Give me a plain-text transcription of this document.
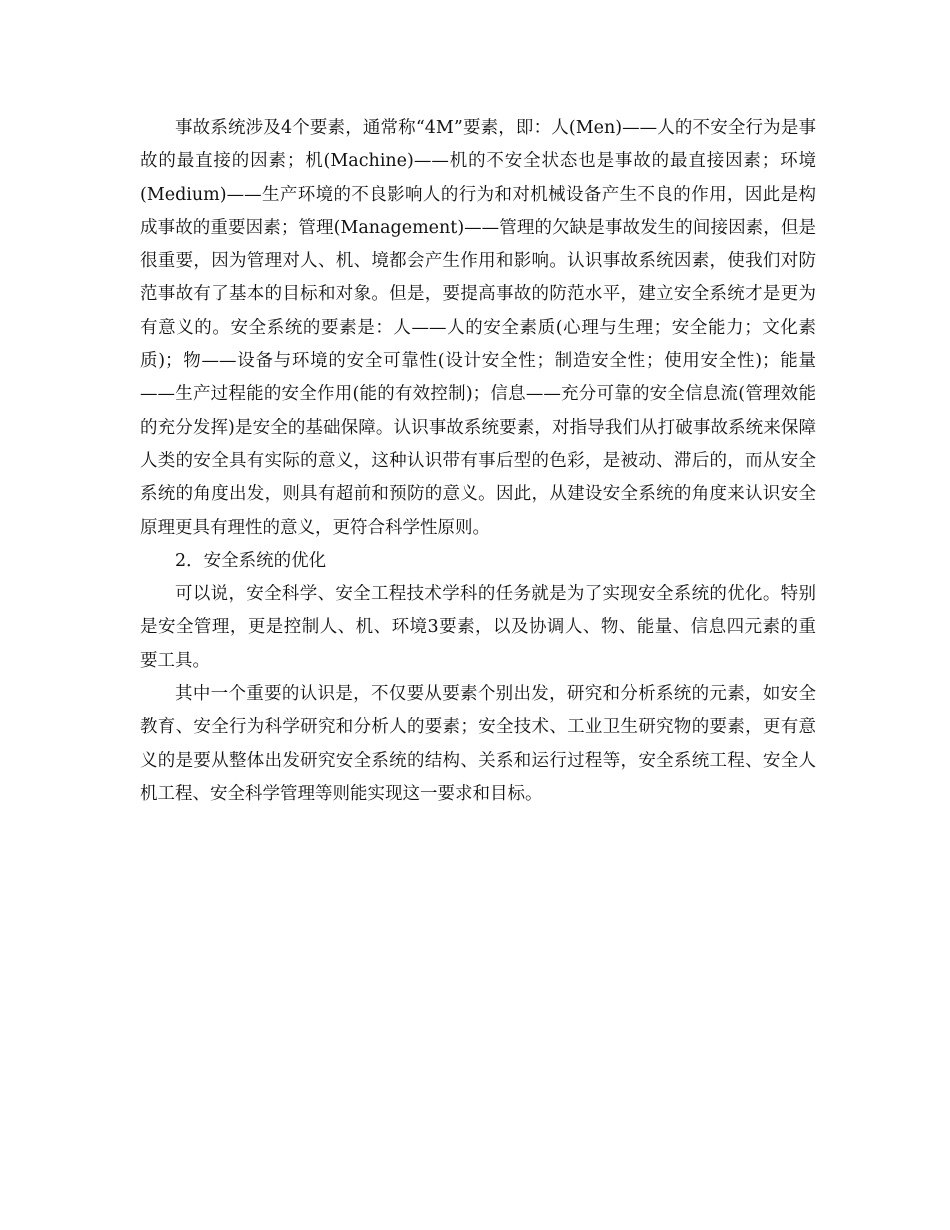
事故系统涉及4个要素，通常称“4M”要素，即：人(Men)——人的不安全行为是事故的最直接的因素；机(Machine)——机的不安全状态也是事故的最直接因素；环境(Medium)——生产环境的不良影响人的行为和对机械设备产生不良的作用，因此是构成事故的重要因素；管理(Management)——管理的欠缺是事故发生的间接因素，但是很重要，因为管理对人、机、境都会产生作用和影响。认识事故系统因素，使我们对防范事故有了基本的目标和对象。但是，要提高事故的防范水平，建立安全系统才是更为有意义的。安全系统的要素是：人——人的安全素质(心理与生理；安全能力；文化素质)；物——设备与环境的安全可靠性(设计安全性；制造安全性；使用安全性)；能量——生产过程能的安全作用(能的有效控制)；信息——充分可靠的安全信息流(管理效能的充分发挥)是安全的基础保障。认识事故系统要素，对指导我们从打破事故系统来保障人类的安全具有实际的意义，这种认识带有事后型的色彩，是被动、滞后的，而从安全系统的角度出发，则具有超前和预防的意义。因此，从建设安全系统的角度来认识安全原理更具有理性的意义，更符合科学性原则。

2．安全系统的优化

可以说，安全科学、安全工程技术学科的任务就是为了实现安全系统的优化。特别是安全管理，更是控制人、机、环境3要素，以及协调人、物、能量、信息四元素的重要工具。

其中一个重要的认识是，不仅要从要素个别出发，研究和分析系统的元素，如安全教育、安全行为科学研究和分析人的要素；安全技术、工业卫生研究物的要素，更有意义的是要从整体出发研究安全系统的结构、关系和运行过程等，安全系统工程、安全人机工程、安全科学管理等则能实现这一要求和目标。
